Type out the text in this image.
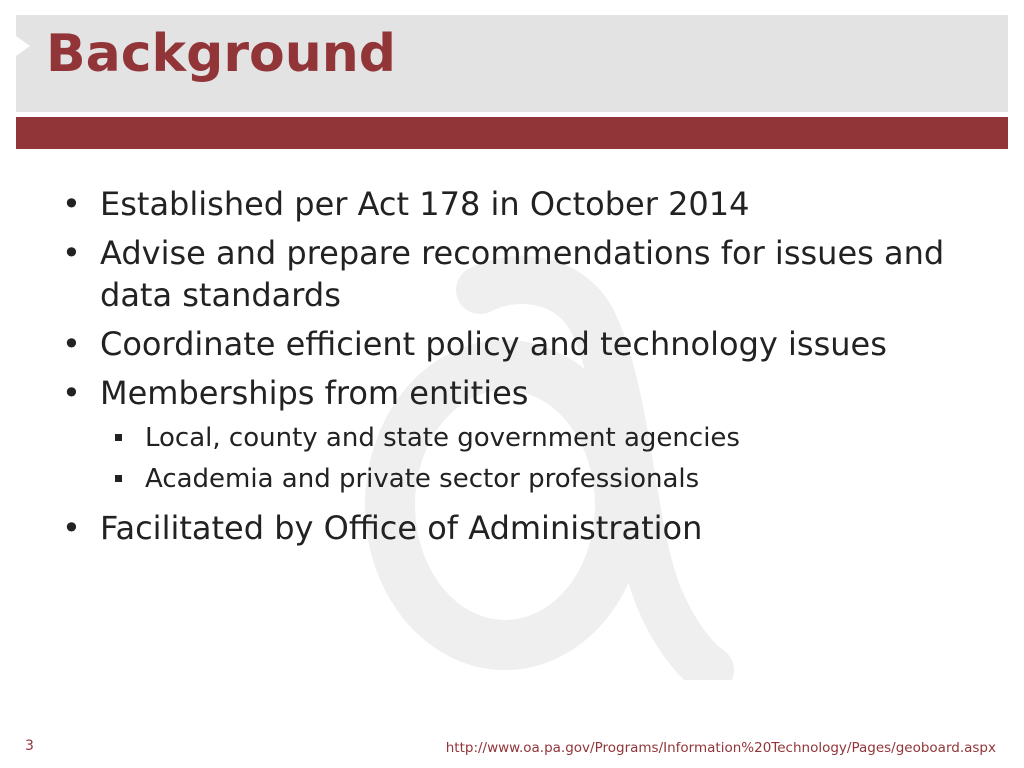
Background
• Established per Act 178 in October 2014
• Advise and prepare recommendations for issues and data standards
• Coordinate efficient policy and technology issues
• Memberships from entities
Local, county and state government agencies
Academia and private sector professionals
• Facilitated by Office of Administration
3	http://www.oa.pa.gov/Programs/Information%20Technology/Pages/geoboard.aspx
